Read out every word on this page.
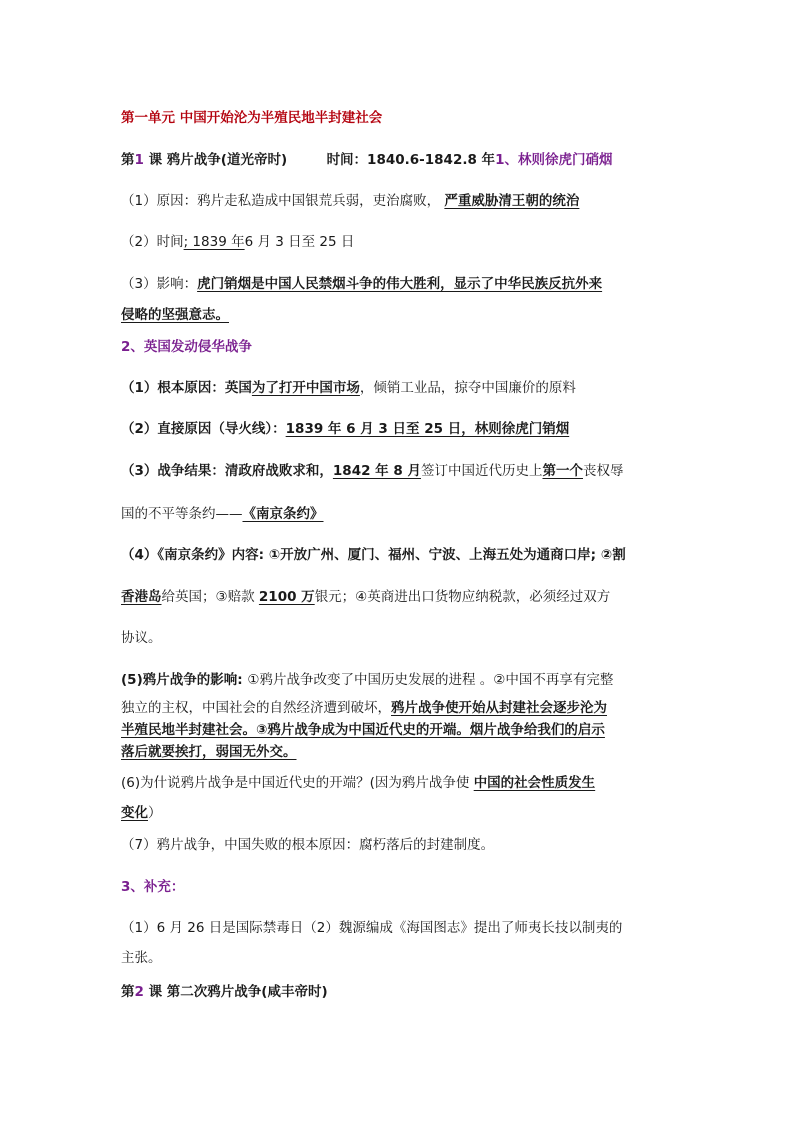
第一单元 中国开始沦为半殖民地半封建社会
第1 课 鸦片战争(道光帝时)	时间：1840.6-1842.8 年1、林则徐虎门硝烟
（1）原因：鸦片走私造成中国银荒兵弱，吏治腐败， 严重威胁清王朝的统治
（2）时间; 1839 年6 月 3 日至 25 日
（3）影响：虎门销烟是中国人民禁烟斗争的伟大胜利，显示了中华民族反抗外来
侵略的坚强意志。
2、英国发动侵华战争
（1）根本原因：英国为了打开中国市场，倾销工业品，掠夺中国廉价的原料
（2）直接原因（导火线）：1839 年 6 月 3 日至 25 日，林则徐虎门销烟
（3）战争结果：清政府战败求和，1842 年 8 月签订中国近代历史上第一个丧权辱
国的不平等条约——《南京条约》
（4）《南京条约》内容: ①开放广州、厦门、福州、宁波、上海五处为通商口岸; ②割
香港岛给英国；③赔款 2100 万银元；④英商进出口货物应纳税款，必须经过双方
协议。
(5)鸦片战争的影响: ①鸦片战争改变了中国历史发展的进程 。②中国不再享有完整
独立的主权，中国社会的自然经济遭到破坏，鸦片战争使开始从封建社会逐步沦为
半殖民地半封建社会。③鸦片战争成为中国近代史的开端。烟片战争给我们的启示
落后就要挨打，弱国无外交。
(6)为什说鸦片战争是中国近代史的开端？(因为鸦片战争使 中国的社会性质发生
变化）
（7）鸦片战争，中国失败的根本原因：腐朽落后的封建制度。
3、补充：
（1）6 月 26 日是国际禁毒日（2）魏源编成《海国图志》提出了师夷长技以制夷的
主张。
第2 课 第二次鸦片战争(咸丰帝时)
